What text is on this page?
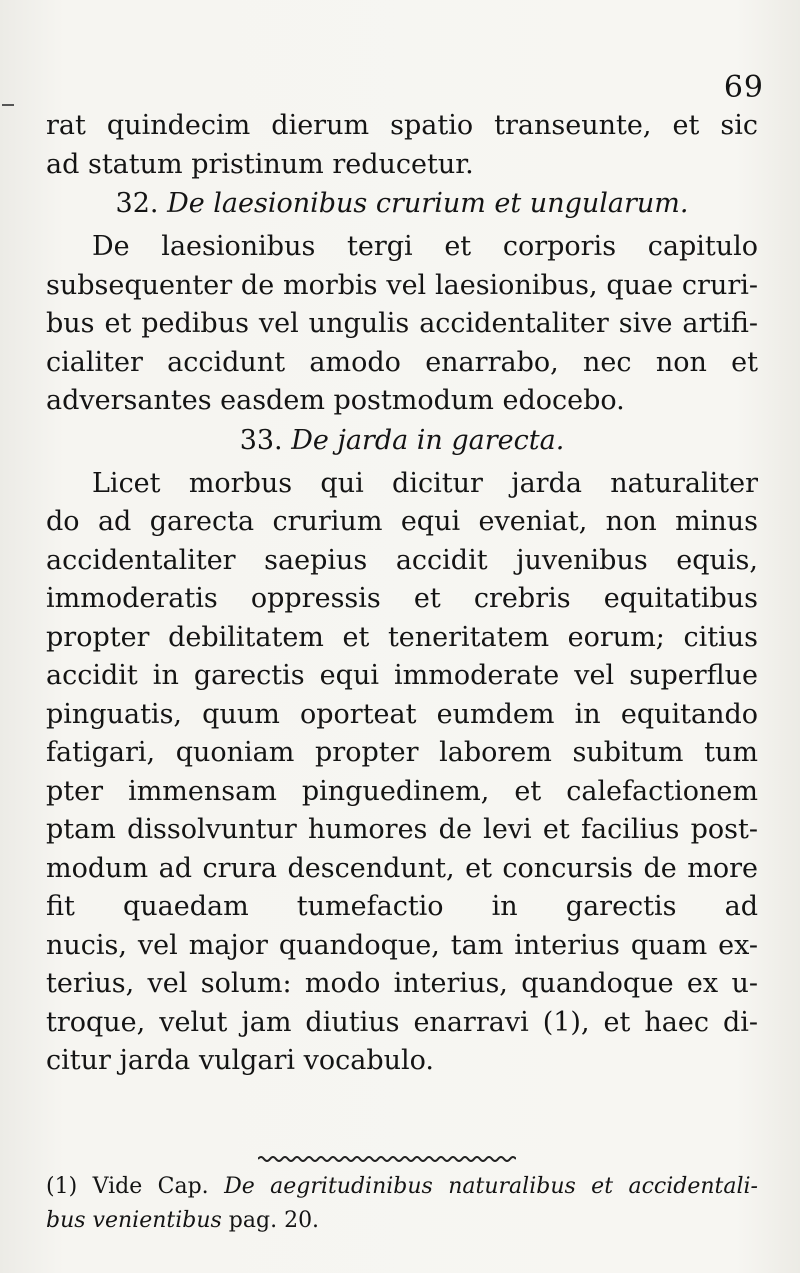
69
rat quindecim dierum spatio transeunte, et sic
ad statum pristinum reducetur.
32. De laesionibus crurium et ungularum.
De laesionibus tergi et corporis capitulo
subsequenter de morbis vel laesionibus, quae cruri-
bus et pedibus vel ungulis accidentaliter sive artifi-
cialiter accidunt amodo enarrabo, nec non et
adversantes easdem postmodum edocebo.
33. De jarda in garecta.
Licet morbus qui dicitur jarda naturaliter
do ad garecta crurium equi eveniat, non minus
accidentaliter saepius accidit juvenibus equis,
immoderatis oppressis et crebris equitatibus
propter debilitatem et teneritatem eorum; citius
accidit in garectis equi immoderate vel superflue
pinguatis, quum oporteat eumdem in equitando
fatigari, quoniam propter laborem subitum tum
pter immensam pinguedinem, et calefactionem
ptam dissolvuntur humores de levi et facilius post-
modum ad crura descendunt, et concursis de more
fit quaedam tumefactio in garectis ad
nucis, vel major quandoque, tam interius quam ex-
terius, vel solum: modo interius, quandoque ex u-
troque, velut jam diutius enarravi (1), et haec di-
citur jarda vulgari vocabulo.
(1) Vide Cap. De aegritudinibus naturalibus et accidentali-
bus venientibus pag. 20.
